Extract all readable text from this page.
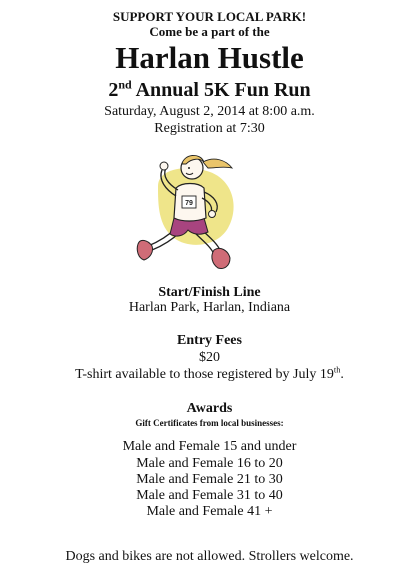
SUPPORT YOUR LOCAL PARK!
Come be a part of the
Harlan Hustle
2nd Annual 5K Fun Run
Saturday, August 2, 2014 at 8:00 a.m.
Registration at 7:30
79
Start/Finish Line
Harlan Park, Harlan, Indiana
Entry Fees
$20
T-shirt available to those registered by July 19th.
Awards
Gift Certificates from local businesses:
Male and Female 15 and under
Male and Female 16 to 20
Male and Female 21 to 30
Male and Female 31 to 40
Male and Female 41 +
Dogs and bikes are not allowed. Strollers welcome.
